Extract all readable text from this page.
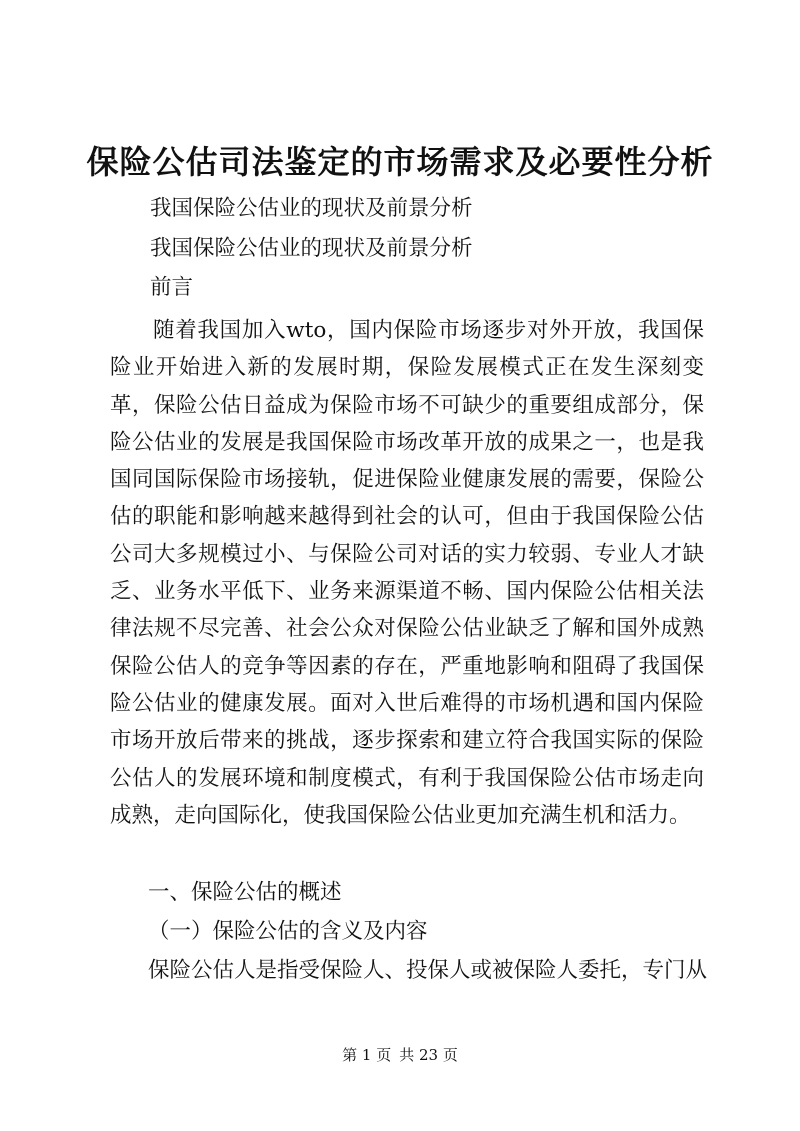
保险公估司法鉴定的市场需求及必要性分析
我国保险公估业的现状及前景分析
我国保险公估业的现状及前景分析
前言

随着我国加入wto，国内保险市场逐步对外开放，我国保险业开始进入新的发展时期，保险发展模式正在发生深刻变革，保险公估日益成为保险市场不可缺少的重要组成部分，保险公估业的发展是我国保险市场改革开放的成果之一，也是我国同国际保险市场接轨，促进保险业健康发展的需要，保险公估的职能和影响越来越得到社会的认可，但由于我国保险公估公司大多规模过小、与保险公司对话的实力较弱、专业人才缺乏、业务水平低下、业务来源渠道不畅、国内保险公估相关法律法规不尽完善、社会公众对保险公估业缺乏了解和国外成熟保险公估人的竞争等因素的存在，严重地影响和阻碍了我国保险公估业的健康发展。面对入世后难得的市场机遇和国内保险市场开放后带来的挑战，逐步探索和建立符合我国实际的保险公估人的发展环境和制度模式，有利于我国保险公估市场走向成熟，走向国际化，使我国保险公估业更加充满生机和活力。

一、保险公估的概述
（一）保险公估的含义及内容
保险公估人是指受保险人、投保人或被保险人委托，专门从
第 1 页 共 23 页
